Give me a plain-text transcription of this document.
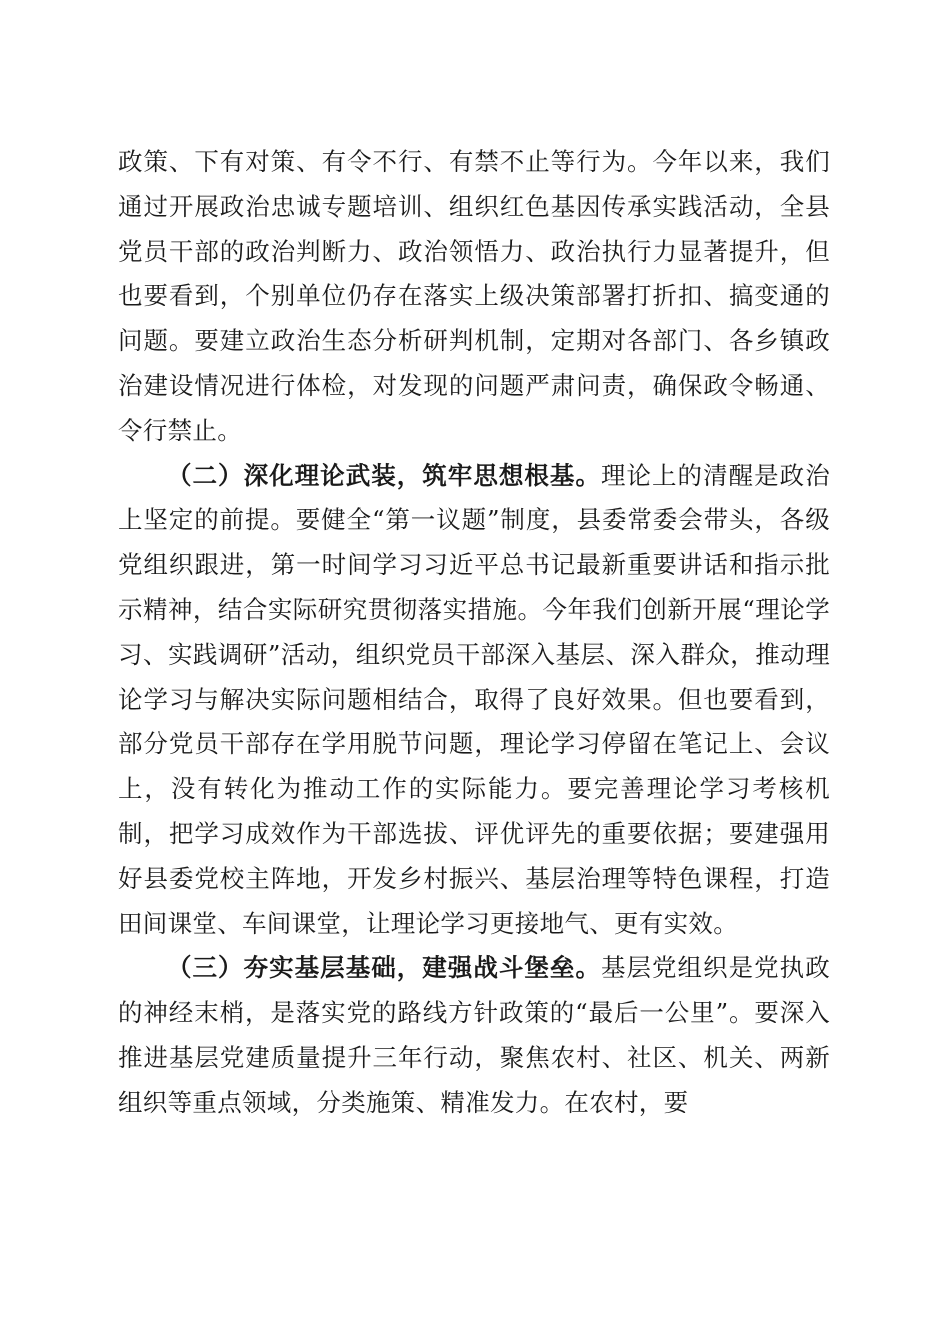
政策、下有对策、有令不行、有禁不止等行为。今年以来，我们通过开展政治忠诚专题培训、组织红色基因传承实践活动，全县党员干部的政治判断力、政治领悟力、政治执行力显著提升，但也要看到，个别单位仍存在落实上级决策部署打折扣、搞变通的问题。要建立政治生态分析研判机制，定期对各部门、各乡镇政治建设情况进行体检，对发现的问题严肃问责，确保政令畅通、令行禁止。

（二）深化理论武装，筑牢思想根基。理论上的清醒是政治上坚定的前提。要健全“第一议题”制度，县委常委会带头，各级党组织跟进，第一时间学习习近平总书记最新重要讲话和指示批示精神，结合实际研究贯彻落实措施。今年我们创新开展“理论学习、实践调研”活动，组织党员干部深入基层、深入群众，推动理论学习与解决实际问题相结合，取得了良好效果。但也要看到，部分党员干部存在学用脱节问题，理论学习停留在笔记上、会议上，没有转化为推动工作的实际能力。要完善理论学习考核机制，把学习成效作为干部选拔、评优评先的重要依据；要建强用好县委党校主阵地，开发乡村振兴、基层治理等特色课程，打造田间课堂、车间课堂，让理论学习更接地气、更有实效。

（三）夯实基层基础，建强战斗堡垒。基层党组织是党执政的神经末梢，是落实党的路线方针政策的“最后一公里”。要深入推进基层党建质量提升三年行动，聚焦农村、社区、机关、两新组织等重点领域，分类施策、精准发力。在农村，要
